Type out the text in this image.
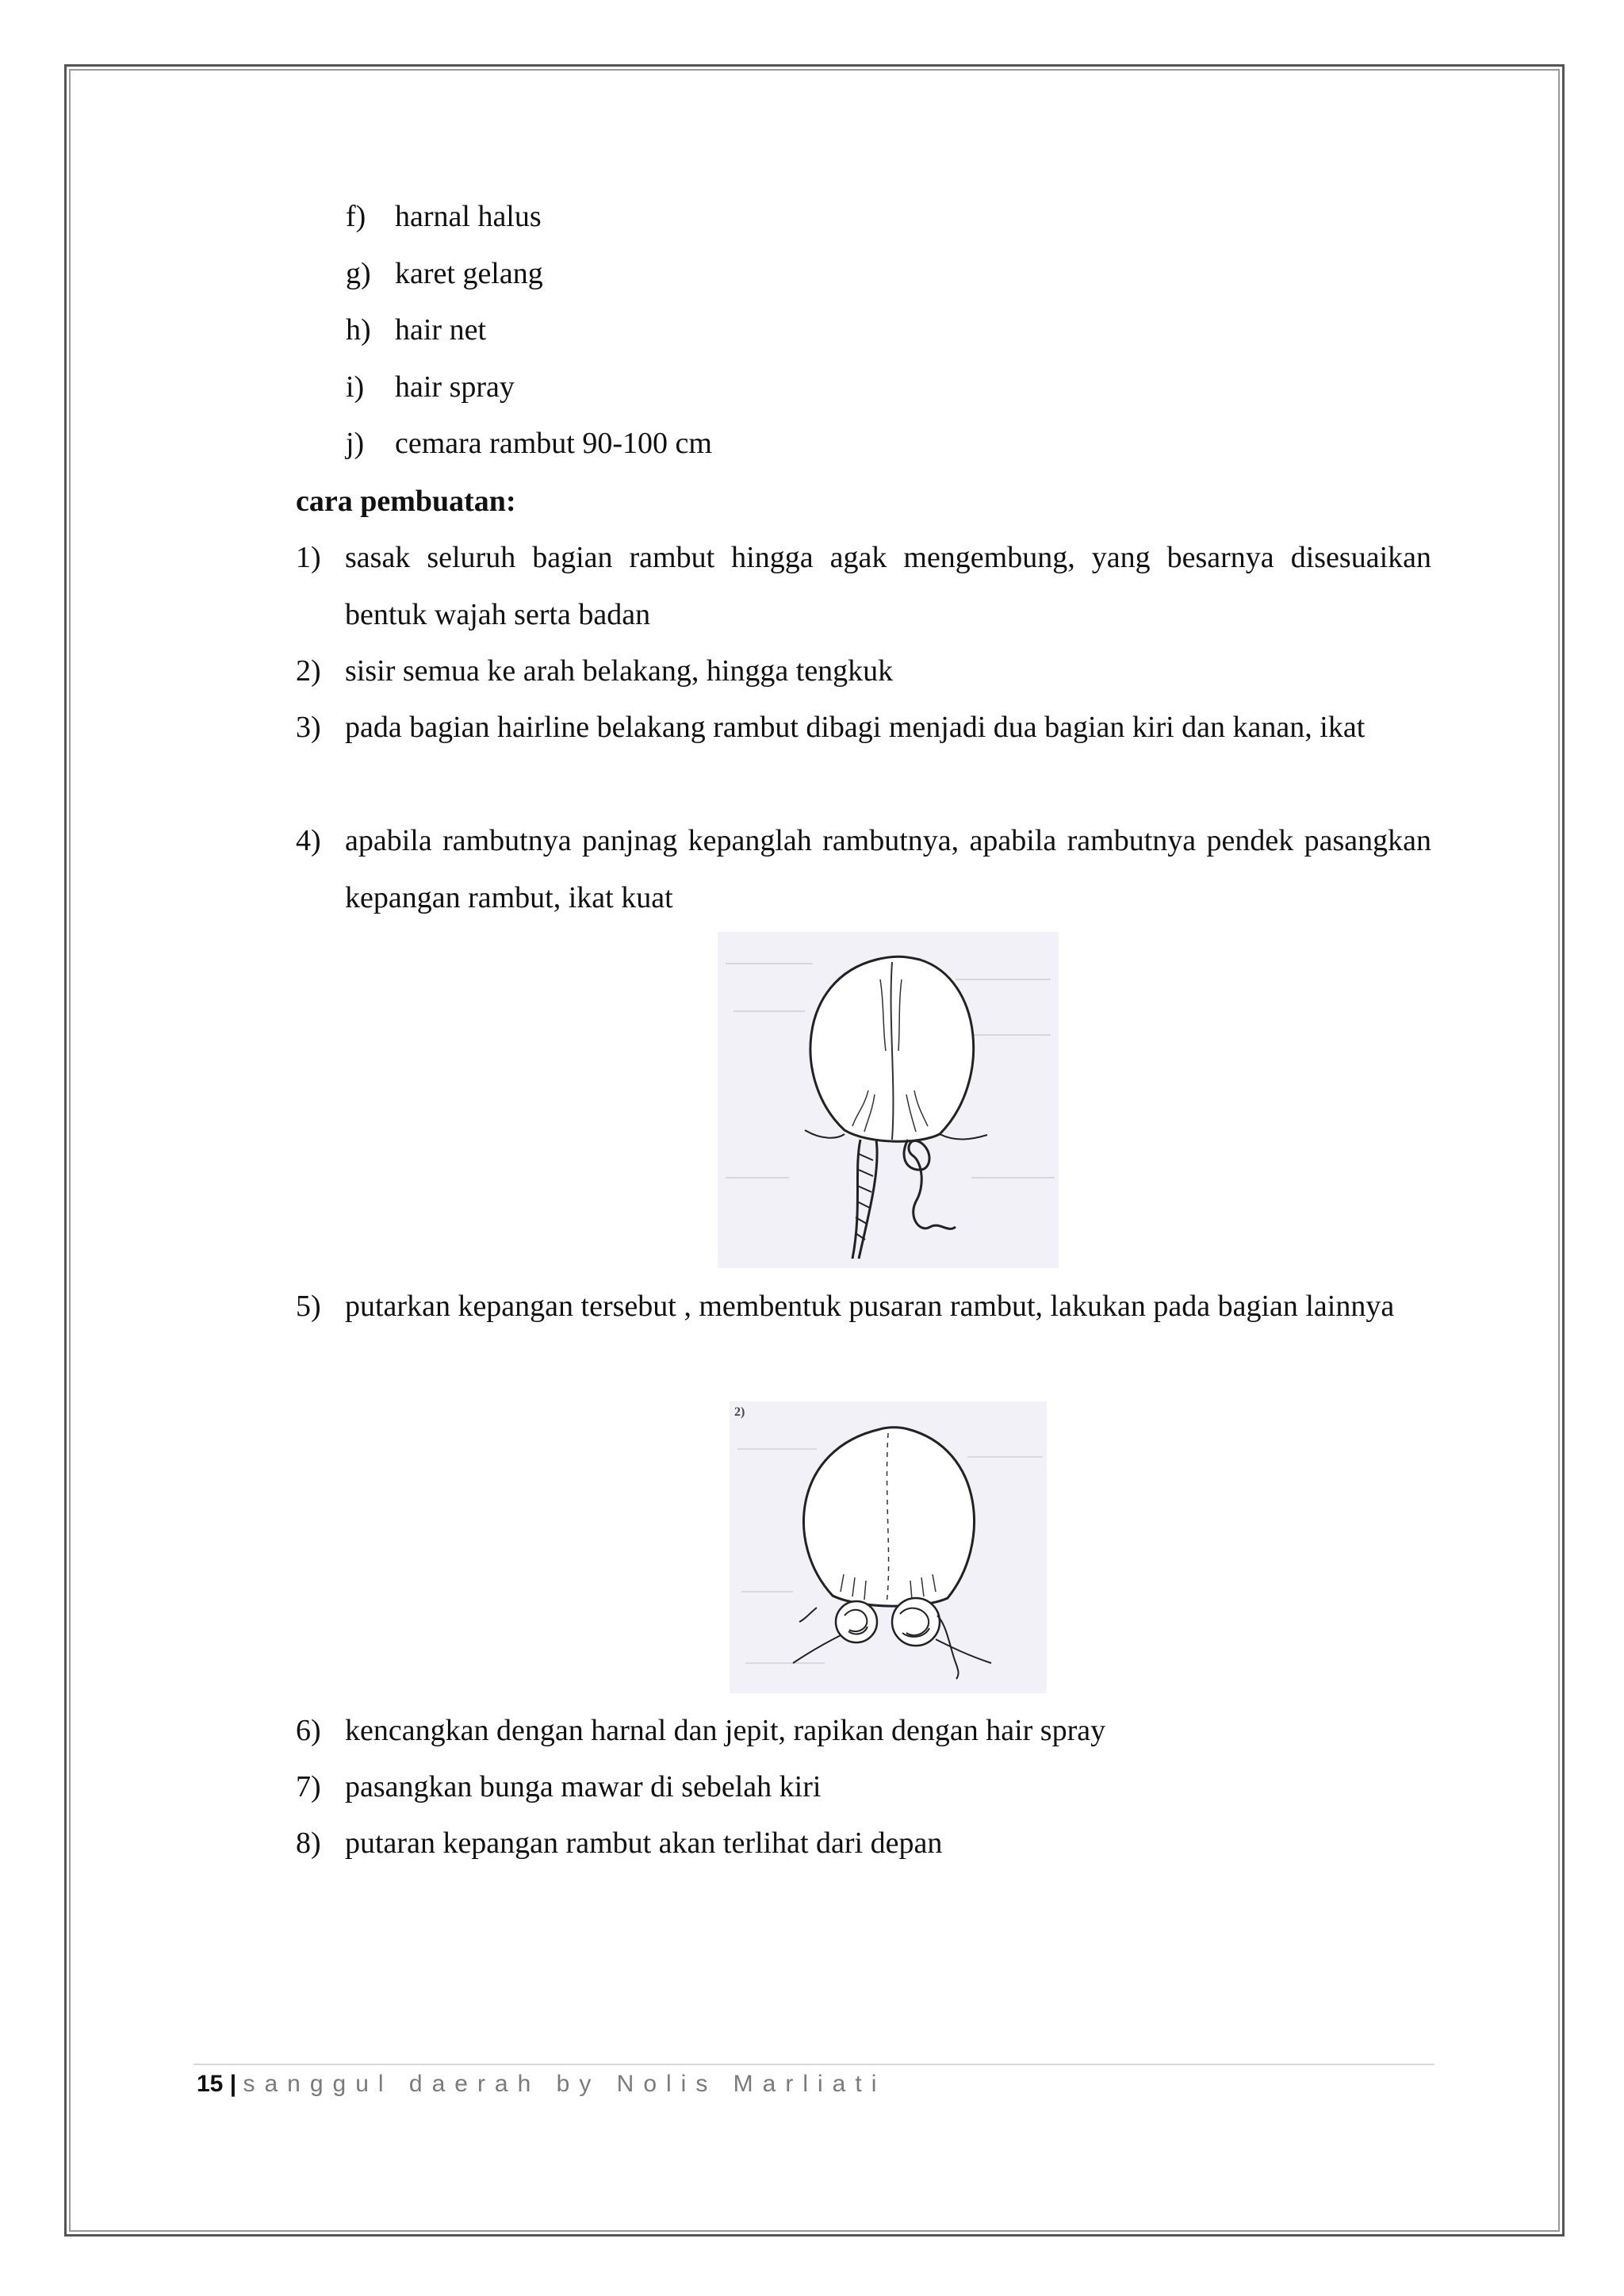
f) harnal halus
g) karet gelang
h) hair net
i)	hair spray
j)	cemara rambut 90-100 cm
cara pembuatan:
1) sasak seluruh bagian rambut hingga agak mengembung, yang besarnya disesuaikan bentuk wajah serta badan
2) sisir semua ke arah belakang, hingga tengkuk
3) pada bagian hairline belakang rambut dibagi menjadi dua bagian kiri dan kanan, ikat
4) apabila rambutnya panjnag kepanglah rambutnya, apabila rambutnya pendek pasangkan kepangan rambut, ikat kuat
5) putarkan kepangan tersebut , membentuk pusaran rambut, lakukan pada bagian lainnya
2)
6) kencangkan dengan harnal dan jepit, rapikan dengan hair spray
7) pasangkan bunga mawar di sebelah kiri
8) putaran kepangan rambut akan terlihat dari depan
15 | sanggul daerah by Nolis Marliati
